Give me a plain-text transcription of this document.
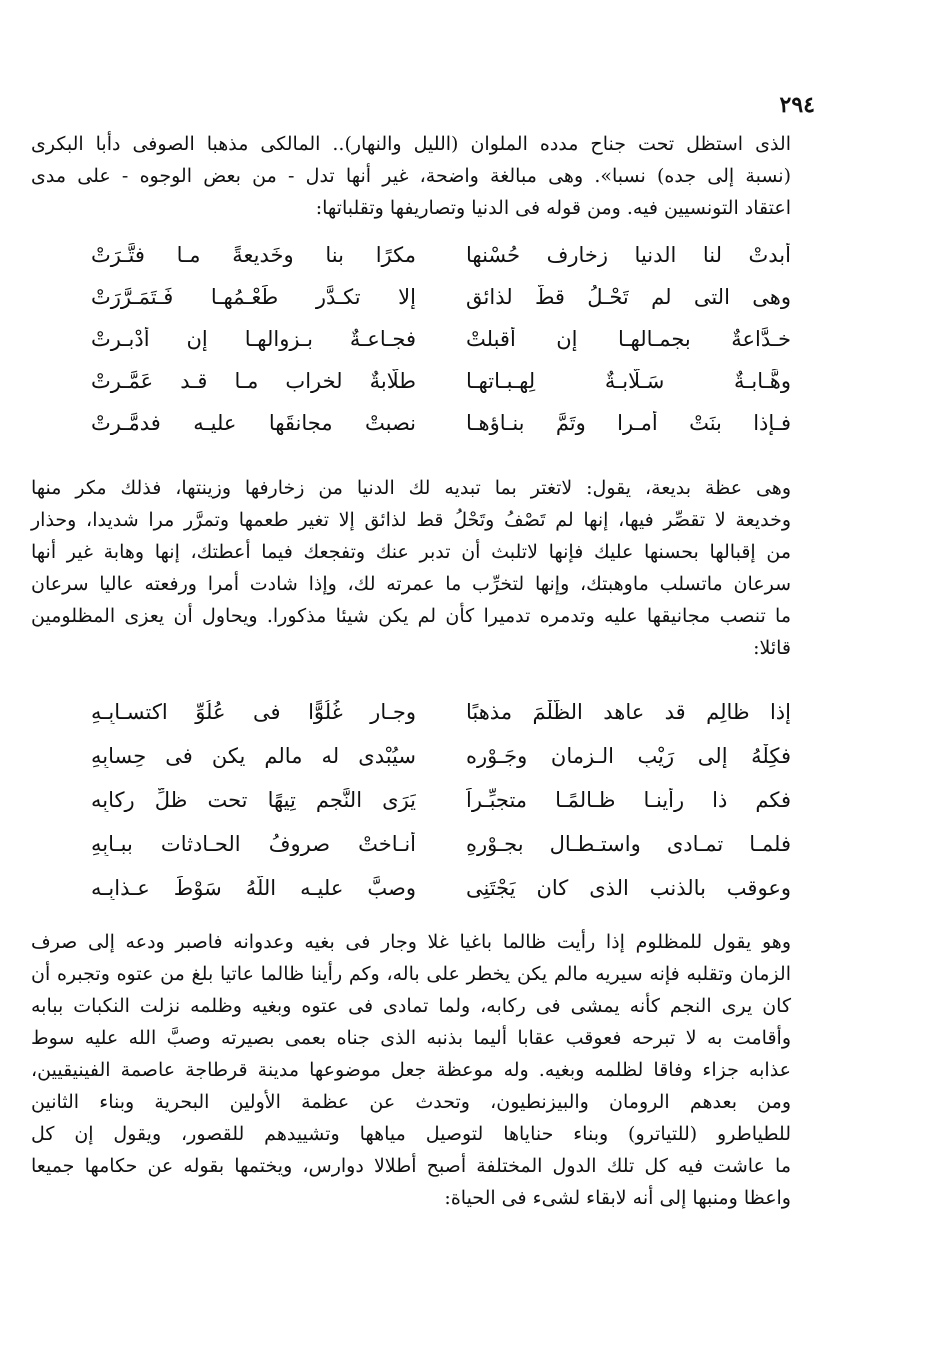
٢٩٤
الذى استظل تحت جناح مدده الملوان (الليل والنهار).. المالكى مذهبا الصوفى دأبا البكرى
(نسبة إلى جده) نسبا». وهى مبالغة واضحة، غير أنها تدل - من بعض الوجوه - على مدى
اعتقاد التونسيين فيه. ومن قوله فى الدنيا وتصاريفها وتقلباتها:
أبدتْ لنا الدنيا زخارف حُسْنها
مكرًا بنا وخَديعةً مـا فتَّـرَتْ
وهى التى لم تَحْـلُ قطُّ لذائق
إلا تكـدَّر طَعْـمُهـا فَـتَمَـرَّرَتْ
خـدَّاعةٌ بجمـالهـا إن أقبلتْ
فجـاعـةٌ بـزوالهـا إن أدْبـرتْ
وهَّـابـةٌ سَـلَّابـةٌ لِهِـبـاتهـا
طلَّابةٌ لخراب مـا قـد عَمَّـرتْ
فـإذا بنَتْ أمـرا وتَمَّ بنـاؤهـا
نصبتْ مجانقَها عليـه فدمَّـرتْ
وهى عظة بديعة، يقول: لاتغتر بما تبديه لك الدنيا من زخارفها وزينتها، فذلك مكر منها
وخديعة لا تقصِّر فيها، إنها لم تَصْفُ وتَحْلُ قط لذائق إلا تغير طعمها وتمرَّر مرا شديدا، وحذار
من إقبالها بحسنها عليك فإنها لاتلبث أن تدبر عنك وتفجعك فيما أعطتك، إنها وهابة غير أنها
سرعان ماتسلب ماوهبتك، وإنها لتخرِّب ما عمرته لك، وإذا شادت أمرا ورفعته عاليا سرعان
ما تنصب مجانيقها عليه وتدمره تدميرا كأن لم يكن شيئا مذكورا. ويحاول أن يعزى المظلومين
قائلا:
إذا ظالِم قد عاهد الظُّلْمَ مذهبًا
وجـار غُلُوًّا فى عُلُوِّ اكتسـابِـهِ
فكِلْهُ إلى رَيْبِ الـزمان وجَـوْرِه
سيُبْدى له مالم يكن فى حِسابِهِ
فكم ذا رأينـا ظـالمًـا متجبِّـراً
يَرَى النَّجم تِيهًا تحت ظلِّ ركابِه
فلمـا تمـادى واستـطـال بجـوْرِهِ
أنـاختْ صروفُ الحـادثات ببـابِهِ
وعوقب بالذنب الذى كان يَجْتَنِى
وصبَّ عليـه اللّهُ سَوْطَ عـذابِـه
وهو يقول للمظلوم إذا رأيت ظالما باغيا غلا وجار فى بغيه وعدوانه فاصبر ودعه إلى صرف
الزمان وتقلبه فإنه سيريه مالم يكن يخطر على باله، وكم رأينا ظالما عاتيا بلغ من عتوه وتجبره أن
كان يرى النجم كأنه يمشى فى ركابه، ولما تمادى فى عتوه وبغيه وظلمه نزلت النكبات ببابه
وأقامت به لا تبرحه فعوقب عقابا أليما بذنبه الذى جناه بعمى بصيرته وصبَّ الله عليه سوط
عذابه جزاء وفاقا لظلمه وبغيه. وله موعظة جعل موضوعها مدينة قرطاجة عاصمة الفينيقيين،
ومن بعدهم الرومان والبيزنطيون، وتحدث عن عظمة الأولين البحرية وبناء الثانين
للطياطرو (للتياترو) وبناء حناياها لتوصيل مياهها وتشييدهم للقصور، ويقول إن كل
ما عاشت فيه كل تلك الدول المختلفة أصبح أطلالا دوارس، ويختمها بقوله عن حكامها جميعا
واعظا ومنبها إلى أنه لابقاء لشىء فى الحياة:
